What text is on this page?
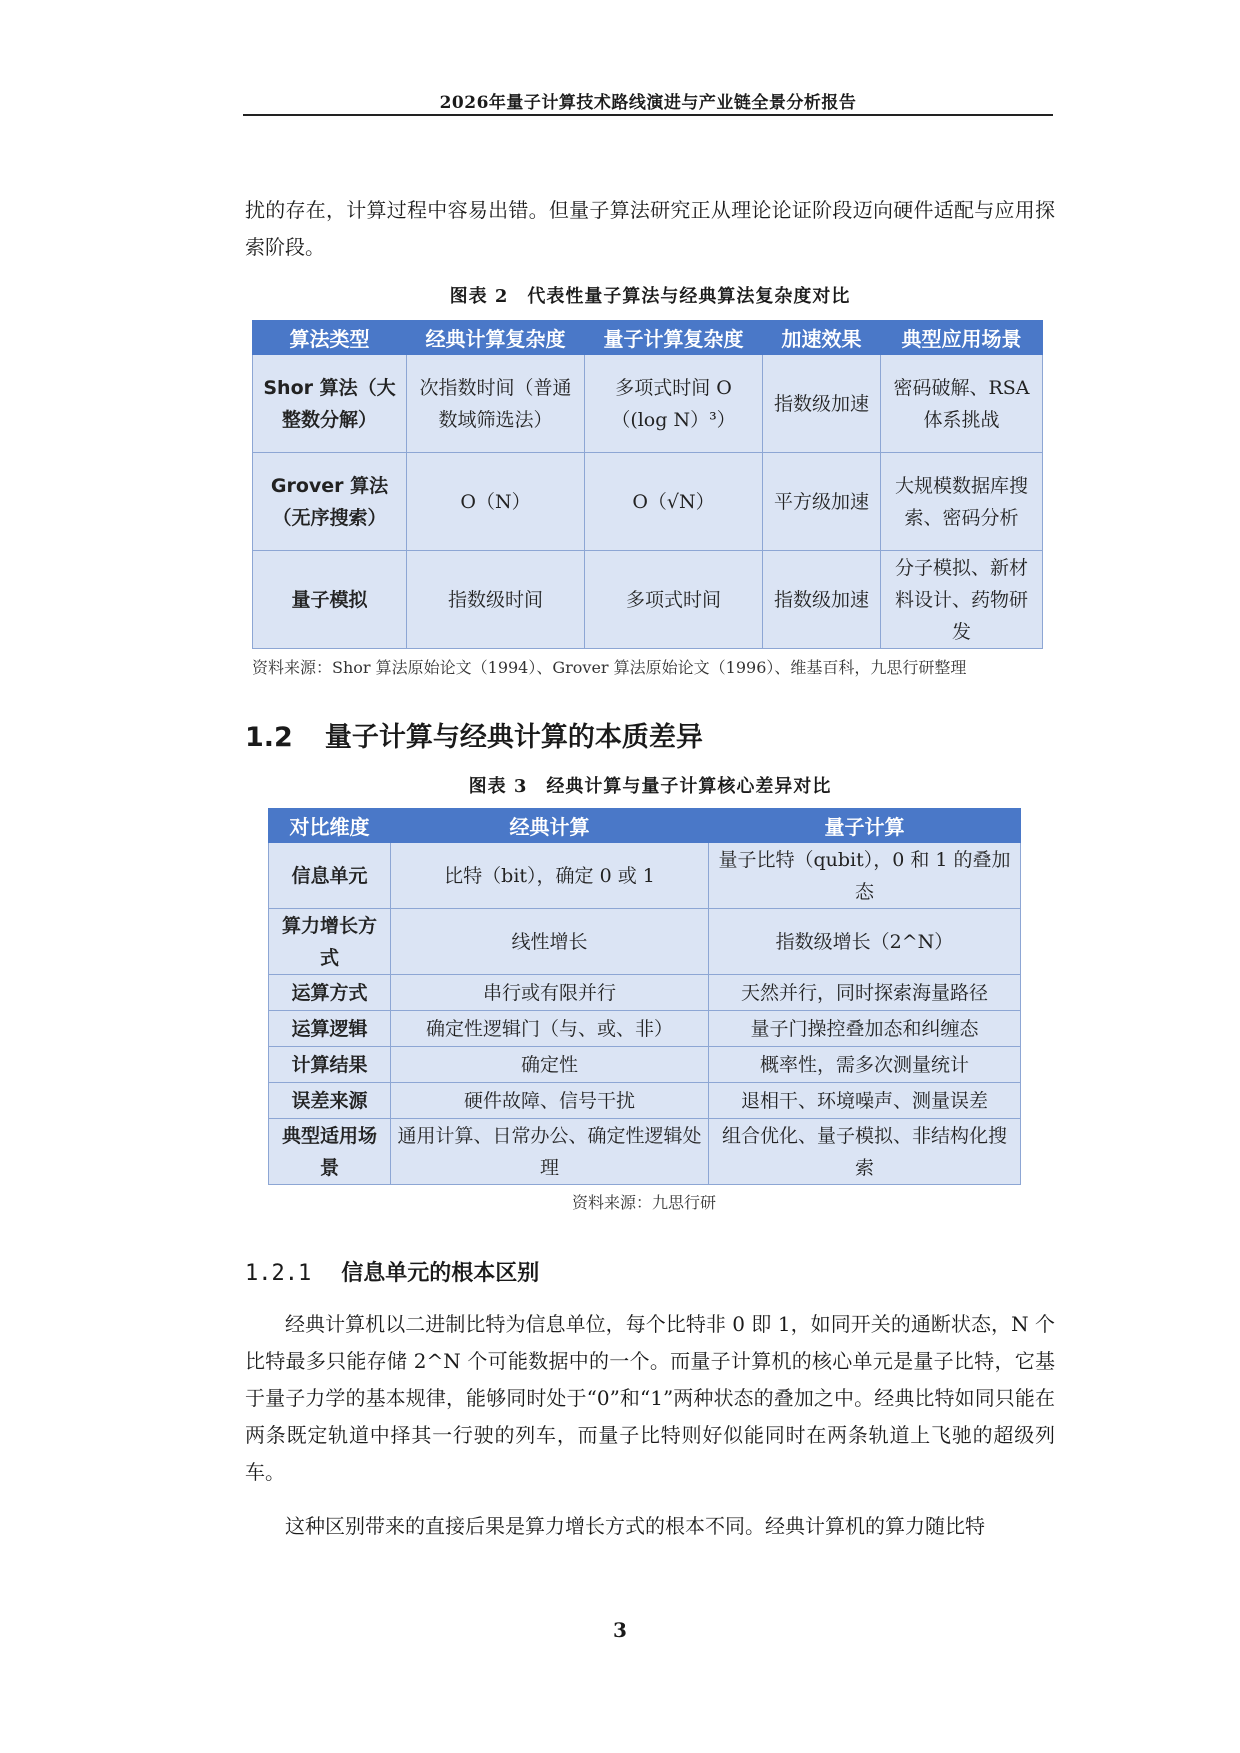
2026年量子计算技术路线演进与产业链全景分析报告

扰的存在，计算过程中容易出错。但量子算法研究正从理论论证阶段迈向硬件适配与应用探索阶段。

图表 2　代表性量子算法与经典算法复杂度对比
算法类型	经典计算复杂度	量子计算复杂度	加速效果	典型应用场景
Shor 算法（大整数分解）	次指数时间（普通数域筛选法）	多项式时间 O（(log N）³）	指数级加速	密码破解、RSA 体系挑战
Grover 算法（无序搜索）	O（N）	O（√N）	平方级加速	大规模数据库搜索、密码分析
量子模拟	指数级时间	多项式时间	指数级加速	分子模拟、新材料设计、药物研发
资料来源：Shor 算法原始论文（1994）、Grover 算法原始论文（1996）、维基百科，九思行研整理
1.2 量子计算与经典计算的本质差异
图表 3　经典计算与量子计算核心差异对比
对比维度	经典计算	量子计算
信息单元	比特（bit），确定 0 或 1	量子比特（qubit），0 和 1 的叠加态
算力增长方式	线性增长	指数级增长（2^N）
运算方式	串行或有限并行	天然并行，同时探索海量路径
运算逻辑	确定性逻辑门（与、或、非）	量子门操控叠加态和纠缠态
计算结果	确定性	概率性，需多次测量统计
误差来源	硬件故障、信号干扰	退相干、环境噪声、测量误差
典型适用场景	通用计算、日常办公、确定性逻辑处理	组合优化、量子模拟、非结构化搜索
资料来源：九思行研
1.2.1 信息单元的根本区别

经典计算机以二进制比特为信息单位，每个比特非 0 即 1，如同开关的通断状态，N 个比特最多只能存储 2^N 个可能数据中的一个。而量子计算机的核心单元是量子比特，它基于量子力学的基本规律，能够同时处于“0”和“1”两种状态的叠加之中。经典比特如同只能在两条既定轨道中择其一行驶的列车，而量子比特则好似能同时在两条轨道上飞驰的超级列车。

这种区别带来的直接后果是算力增长方式的根本不同。经典计算机的算力随比特

3
